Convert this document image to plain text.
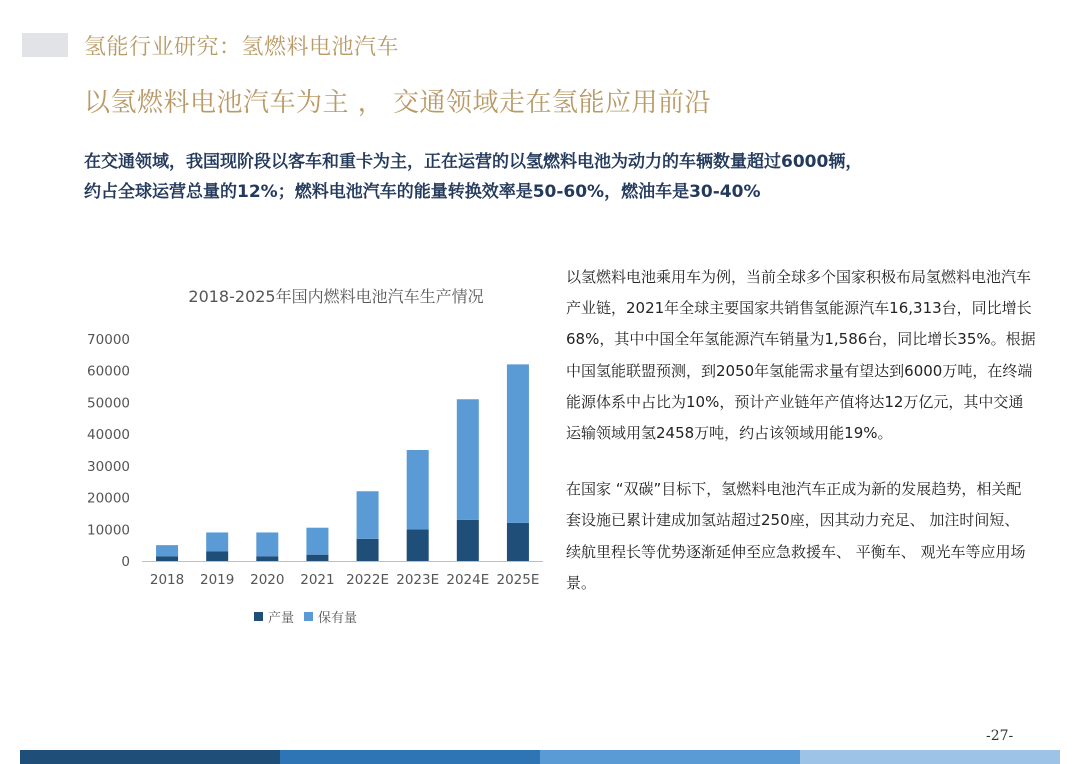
氢能行业研究：氢燃料电池汽车
以氢燃料电池汽车为主 ， 交通领域走在氢能应用前沿

在交通领域，我国现阶段以客车和重卡为主，正在运营的以氢燃料电池为动力的车辆数量超过6000辆，

约占全球运营总量的12%；燃料电池汽车的能量转换效率是50-60%，燃油车是30-40%

2018-2025年国内燃料电池汽车生产情况
70000
60000
50000
40000
30000
20000
10000
0
2018 2019 2020 2021 2022E 2023E 2024E 2025E
产量 保有量

以氢燃料电池乘用车为例，当前全球多个国家积极布局氢燃料电池汽车产业链，2021年全球主要国家共销售氢能源汽车16,313台，同比增长68%，其中中国全年氢能源汽车销量为1,586台，同比增长35%。根据中国氢能联盟预测，到2050年氢能需求量有望达到6000万吨，在终端能源体系中占比为10%，预计产业链年产值将达12万亿元，其中交通运输领域用氢2458万吨，约占该领域用能19%。

在国家 “双碳”目标下，氢燃料电池汽车正成为新的发展趋势，相关配套设施已累计建成加氢站超过250座，因其动力充足、 加注时间短、 续航里程长等优势逐渐延伸至应急救援车、 平衡车、 观光车等应用场景。

-27-
